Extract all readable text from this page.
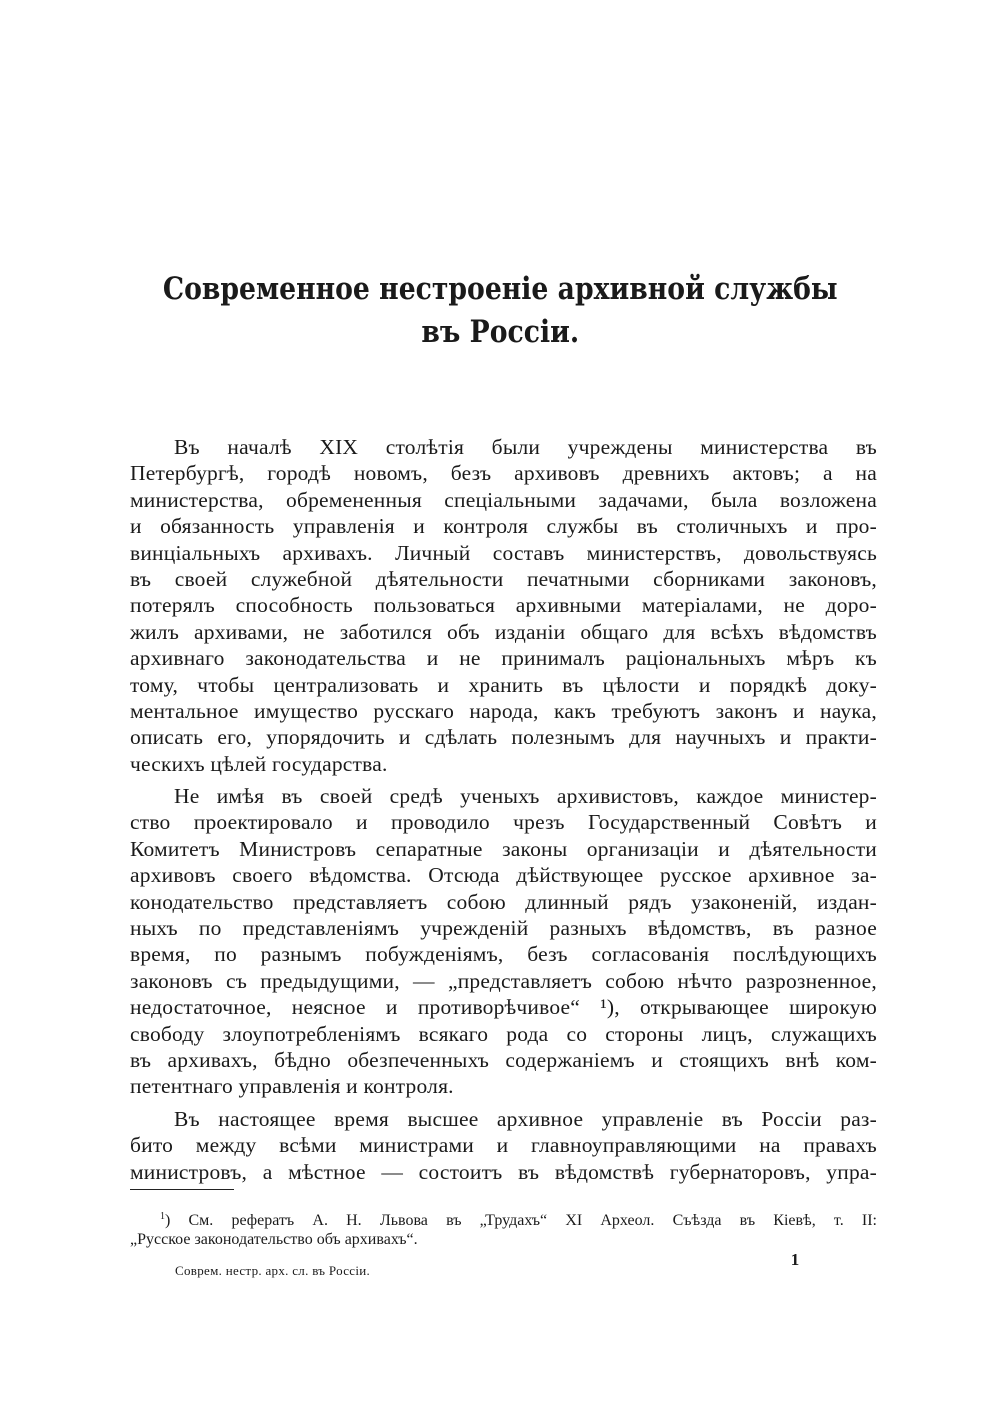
Современное нестроеніе архивной службы
въ Россіи.
Въ началѣ XIX столѣтія были учреждены министерства въ
Петербургѣ, городѣ новомъ, безъ архивовъ древнихъ актовъ; а на
министерства, обремененныя спеціальными задачами, была возложена
и обязанность управленія и контроля службы въ столичныхъ и про-
винціальныхъ архивахъ. Личный составъ министерствъ, довольствуясь
въ своей служебной дѣятельности печатными сборниками законовъ,
потерялъ способность пользоваться архивными матеріалами, не доро-
жилъ архивами, не заботился объ изданіи общаго для всѣхъ вѣдомствъ
архивнаго законодательства и не принималъ раціональныхъ мѣръ къ
тому, чтобы централизовать и хранить въ цѣлости и порядкѣ доку-
ментальное имущество русскаго народа, какъ требуютъ законъ и наука,
описать его, упорядочить и сдѣлать полезнымъ для научныхъ и практи-
ческихъ цѣлей государства.
Не имѣя въ своей средѣ ученыхъ архивистовъ, каждое министер-
ство проектировало и проводило чрезъ Государственный Совѣтъ и
Комитетъ Министровъ сепаратные законы организаціи и дѣятельности
архивовъ своего вѣдомства. Отсюда дѣйствующее русское архивное за-
конодательство представляетъ собою длинный рядъ узаконеній, издан-
ныхъ по представленіямъ учрежденій разныхъ вѣдомствъ, въ разное
время, по разнымъ побужденіямъ, безъ согласованія послѣдующихъ
законовъ съ предыдущими, — „представляетъ собою нѣчто разрозненное,
недостаточное, неясное и противорѣчивое“ ¹), открывающее широкую
свободу злоупотребленіямъ всякаго рода со стороны лицъ, служащихъ
въ архивахъ, бѣдно обезпеченныхъ содержаніемъ и стоящихъ внѣ ком-
петентнаго управленія и контроля.
Въ настоящее время высшее архивное управленіе въ Россіи раз-
бито между всѣми министрами и главноуправляющими на правахъ
министровъ, а мѣстное — состоитъ въ вѣдомствѣ губернаторовъ, упра-
$^1$) См. рефератъ А. Н. Львова въ „Трудахъ“ XI Археол. Съѣзда въ Кіевѣ, т. II:
„Русское законодательство объ архивахъ“.
1
Соврем. нестр. арх. сл. въ Россіи.
